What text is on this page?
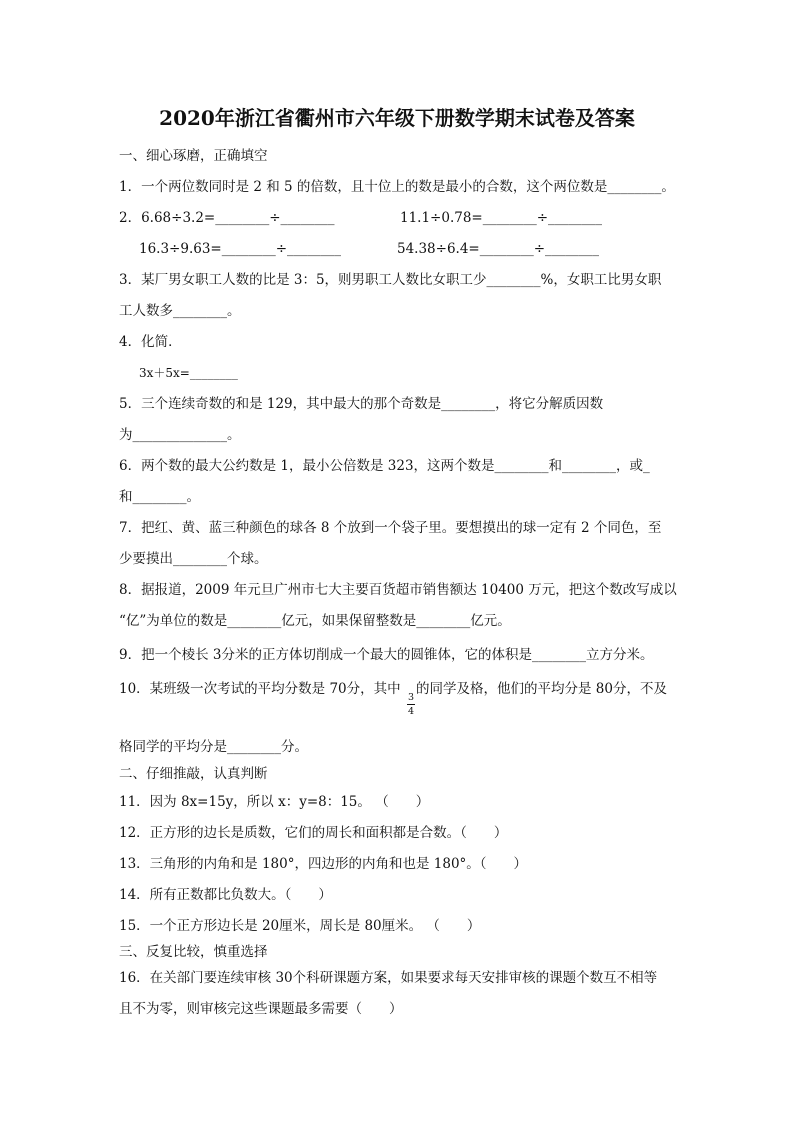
2020年浙江省衢州市六年级下册数学期末试卷及答案
一、细心琢磨，正确填空
1．一个两位数同时是 2 和 5 的倍数，且十位上的数是最小的合数，这个两位数是________。
2．6.68÷3.2=________÷________	11.1÷0.78=________÷________
16.3÷9.63=________÷________	54.38÷6.4=________÷________
3．某厂男女职工人数的比是 3：5，则男职工人数比女职工少________%，女职工比男女职
工人数多________。
4．化简．
3x＋5x=________
5．三个连续奇数的和是 129，其中最大的那个奇数是________，将它分解质因数
为______________。
6．两个数的最大公约数是 1，最小公倍数是 323，这两个数是________和________，或_
和________。
7．把红、黄、蓝三种颜色的球各 8 个放到一个袋子里。要想摸出的球一定有 2 个同色，至
少要摸出________个球。
8．据报道，2009 年元旦广州市七大主要百货超市销售额达 10400 万元，把这个数改写成以
“亿”为单位的数是________亿元，如果保留整数是________亿元。
9．把一个棱长 3分米的正方体切削成一个最大的圆锥体，它的体积是________立方分米。
10．某班级一次考试的平均分数是 70分，其中
3
4
的同学及格，他们的平均分是 80分，不及
格同学的平均分是________分。
二、仔细推敲，认真判断
11．因为 8x=15y，所以 x：y=8：15。 （　　）
12．正方形的边长是质数，它们的周长和面积都是合数。（　　）
13．三角形的内角和是 180°，四边形的内角和也是 180°。（　　）
14．所有正数都比负数大。（　　）
15．一个正方形边长是 20厘米，周长是 80厘米。 （　　）
三、反复比较，慎重选择
16．在关部门要连续审核 30个科研课题方案，如果要求每天安排审核的课题个数互不相等
且不为零，则审核完这些课题最多需要（　　）
